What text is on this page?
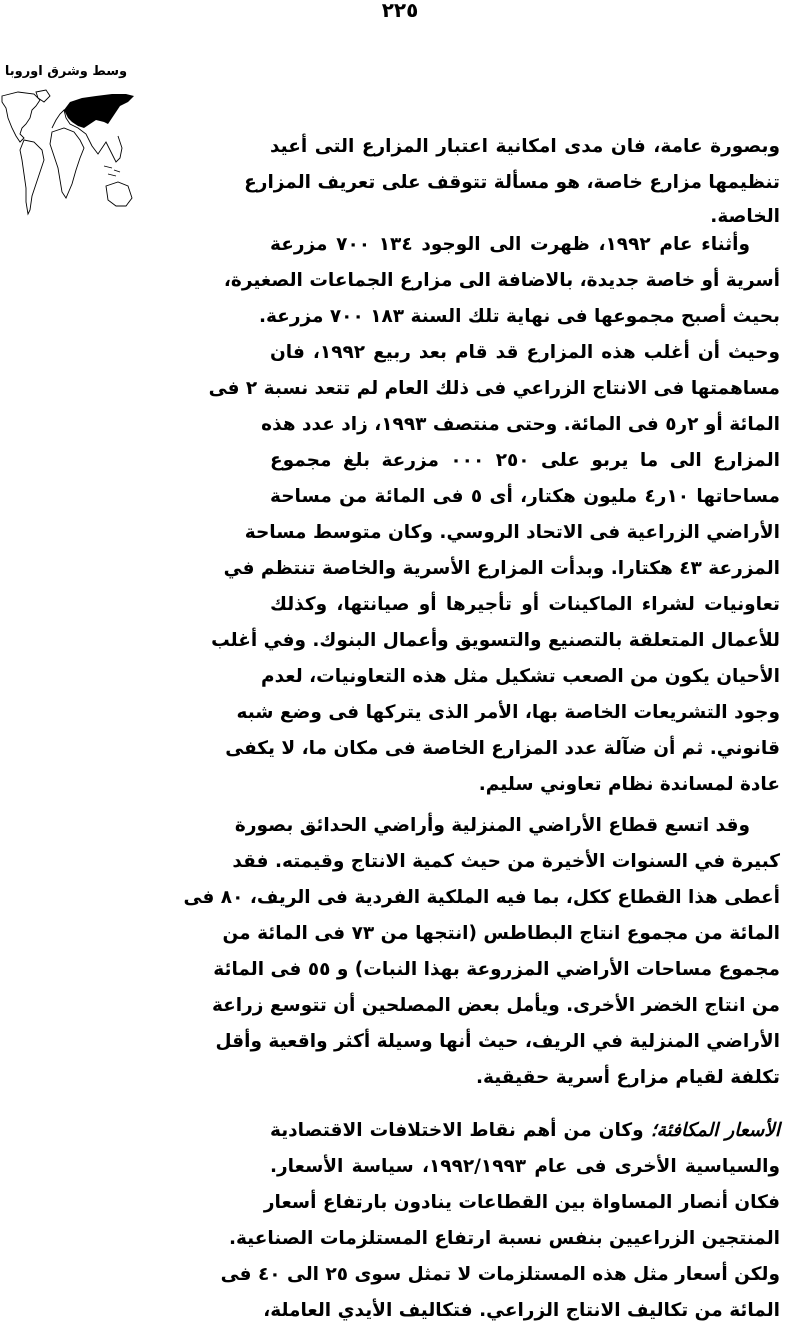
٢٢٥
وسط وشرق اوروبا
وبصورة عامة، فان مدى امكانية اعتبار المزارع التى أعيد
تنظيمها مزارع خاصة، هو مسألة تتوقف على تعريف المزارع
الخاصة.
وأثناء عام ١٩٩٢، ظهرت الى الوجود ١٣٤ ٧٠٠ مزرعة
أسرية أو خاصة جديدة، بالاضافة الى مزارع الجماعات الصغيرة،
بحيث أصبح مجموعها فى نهاية تلك السنة ١٨٣ ٧٠٠ مزرعة.
وحيث أن أغلب هذه المزارع قد قام بعد ربيع ١٩٩٢، فان
مساهمتها فى الانتاج الزراعي فى ذلك العام لم تتعد نسبة ٢ فى
المائة أو ٢ر٥ فى المائة. وحتى منتصف ١٩٩٣، زاد عدد هذه
المزارع الى ما يربو على ٢٥٠ ٠٠٠ مزرعة بلغ مجموع
مساحاتها ١٠ر٤ مليون هكتار، أى ٥ فى المائة من مساحة
الأراضي الزراعية فى الاتحاد الروسي. وكان متوسط مساحة
المزرعة ٤٣ هكتارا. وبدأت المزارع الأسرية والخاصة تنتظم في
تعاونيات لشراء الماكينات أو تأجيرها أو صيانتها، وكذلك
للأعمال المتعلقة بالتصنيع والتسويق وأعمال البنوك. وفي أغلب
الأحيان يكون من الصعب تشكيل مثل هذه التعاونيات، لعدم
وجود التشريعات الخاصة بها، الأمر الذى يتركها فى وضع شبه
قانوني. ثم أن ضآلة عدد المزارع الخاصة فى مكان ما، لا يكفى
عادة لمساندة نظام تعاوني سليم.
وقد اتسع قطاع الأراضي المنزلية وأراضي الحدائق بصورة
كبيرة في السنوات الأخيرة من حيث كمية الانتاج وقيمته. فقد
أعطى هذا القطاع ككل، بما فيه الملكية الفردية فى الريف، ٨٠ فى
المائة من مجموع انتاج البطاطس (انتجها من ٧٣ فى المائة من
مجموع مساحات الأراضي المزروعة بهذا النبات) و ٥٥ فى المائة
من انتاج الخضر الأخرى. ويأمل بعض المصلحين أن تتوسع زراعة
الأراضي المنزلية في الريف، حيث أنها وسيلة أكثر واقعية وأقل
تكلفة لقيام مزارع أسرية حقيقية.
الأسعار المكافئة؛ وكان من أهم نقاط الاختلافات الاقتصادية
والسياسية الأخرى فى عام ١٩٩٢/١٩٩٣، سياسة الأسعار.
فكان أنصار المساواة بين القطاعات ينادون بارتفاع أسعار
المنتجين الزراعيين بنفس نسبة ارتفاع المستلزمات الصناعية.
ولكن أسعار مثل هذه المستلزمات لا تمثل سوى ٢٥ الى ٤٠ فى
المائة من تكاليف الانتاج الزراعي. فتكاليف الأيدي العاملة،
